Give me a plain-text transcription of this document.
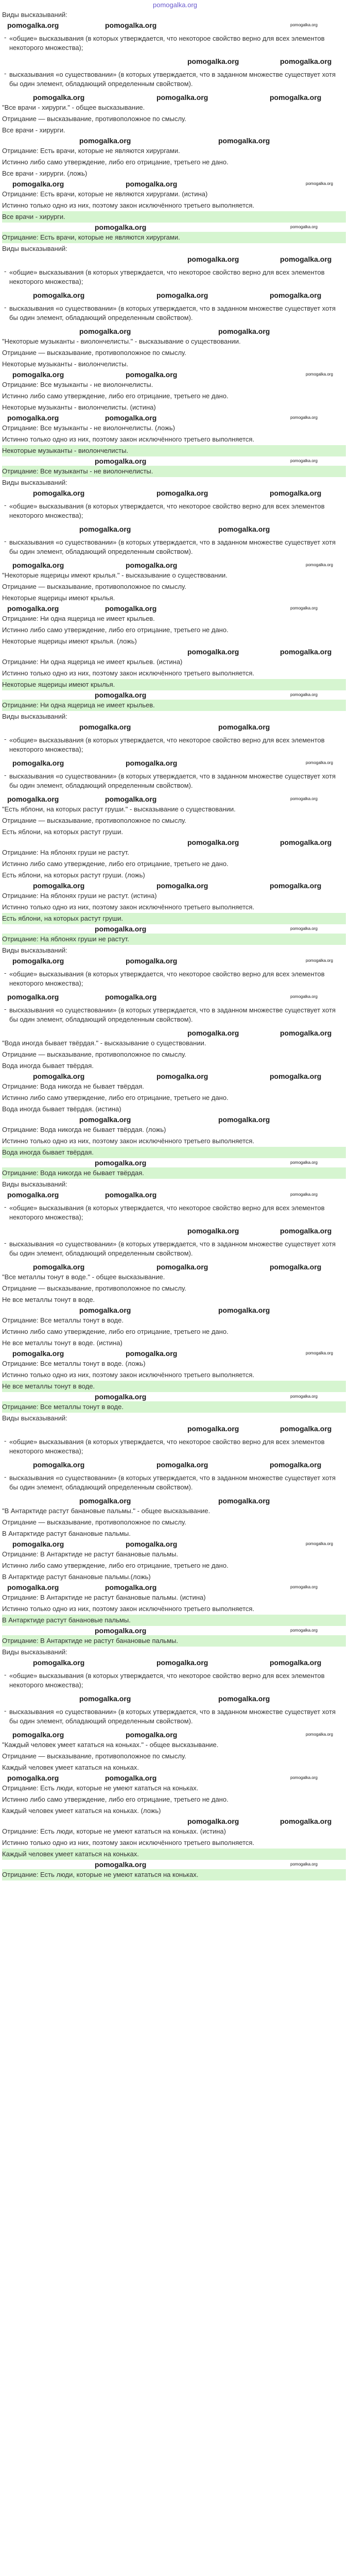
pomogalka.org
Виды высказываний:
pomogalka.org	pomogalka.org	pomogalka.org
- «общие» высказывания (в которых утверждается, что некоторое свойство верно для всех элементов некоторого множества);
pomogalka.org	pomogalka.org
- высказывания «о существовании» (в которых утверждается, что в заданном множестве существует хотя бы один элемент, обладающий определенным свойством).
pomogalka.org	pomogalka.org	pomogalka.org
"Все врачи - хирурги." - общее высказывание.
Отрицание — высказывание, противоположное по смыслу.
Все врачи - хирурги.
pomogalka.org	pomogalka.org
Отрицание: Есть врачи, которые не являются хирургами.
Истинно либо само утверждение, либо его отрицание, третьего не дано.
Все врачи - хирурги. (ложь)
pomogalka.org	pomogalka.org	pomogalka.org
Отрицание: Есть врачи, которые не являются хирургами. (истина)
Истинно только одно из них, поэтому закон исключённого третьего выполняется.
Все врачи - хирурги.
pomogalka.org	pomogalka.org
Отрицание: Есть врачи, которые не являются хирургами.
Виды высказываний:
pomogalka.org	pomogalka.org
- «общие» высказывания (в которых утверждается, что некоторое свойство верно для всех элементов некоторого множества);
pomogalka.org	pomogalka.org	pomogalka.org
- высказывания «о существовании» (в которых утверждается, что в заданном множестве существует хотя бы один элемент, обладающий определенным свойством).
pomogalka.org	pomogalka.org
"Некоторые музыканты - виолончелисты." - высказывание о существовании.
Отрицание — высказывание, противоположное по смыслу.
Некоторые музыканты - виолончелисты.
pomogalka.org	pomogalka.org	pomogalka.org
Отрицание: Все музыканты - не виолончелисты.
Истинно либо само утверждение, либо его отрицание, третьего не дано.
Некоторые музыканты - виолончелисты. (истина)
pomogalka.org	pomogalka.org	pomogalka.org
Отрицание: Все музыканты - не виолончелисты. (ложь)
Истинно только одно из них, поэтому закон исключённого третьего выполняется.
Некоторые музыканты - виолончелисты.
pomogalka.org	pomogalka.org
Отрицание: Все музыканты - не виолончелисты.
Виды высказываний:
pomogalka.org	pomogalka.org	pomogalka.org
- «общие» высказывания (в которых утверждается, что некоторое свойство верно для всех элементов некоторого множества);
pomogalka.org	pomogalka.org
- высказывания «о существовании» (в которых утверждается, что в заданном множестве существует хотя бы один элемент, обладающий определенным свойством).
pomogalka.org	pomogalka.org	pomogalka.org
"Некоторые ящерицы имеют крылья." - высказывание о существовании.
Отрицание — высказывание, противоположное по смыслу.
Некоторые ящерицы имеют крылья.
pomogalka.org	pomogalka.org	pomogalka.org
Отрицание: Ни одна ящерица не имеет крыльев.
Истинно либо само утверждение, либо его отрицание, третьего не дано.
Некоторые ящерицы имеют крылья. (ложь)
pomogalka.org	pomogalka.org
Отрицание: Ни одна ящерица не имеет крыльев. (истина)
Истинно только одно из них, поэтому закон исключённого третьего выполняется.
Некоторые ящерицы имеют крылья.
pomogalka.org	pomogalka.org
Отрицание: Ни одна ящерица не имеет крыльев.
Виды высказываний:
pomogalka.org	pomogalka.org
- «общие» высказывания (в которых утверждается, что некоторое свойство верно для всех элементов некоторого множества);
pomogalka.org	pomogalka.org	pomogalka.org
- высказывания «о существовании» (в которых утверждается, что в заданном множестве существует хотя бы один элемент, обладающий определенным свойством).
pomogalka.org	pomogalka.org	pomogalka.org
"Есть яблони, на которых растут груши." - высказывание о существовании.
Отрицание — высказывание, противоположное по смыслу.
Есть яблони, на которых растут груши.
pomogalka.org	pomogalka.org
Отрицание: На яблонях груши не растут.
Истинно либо само утверждение, либо его отрицание, третьего не дано.
Есть яблони, на которых растут груши. (ложь)
pomogalka.org	pomogalka.org	pomogalka.org
Отрицание: На яблонях груши не растут. (истина)
Истинно только одно из них, поэтому закон исключённого третьего выполняется.
Есть яблони, на которых растут груши.
pomogalka.org	pomogalka.org
Отрицание: На яблонях груши не растут.
Виды высказываний:
pomogalka.org	pomogalka.org	pomogalka.org
- «общие» высказывания (в которых утверждается, что некоторое свойство верно для всех элементов некоторого множества);
pomogalka.org	pomogalka.org	pomogalka.org
- высказывания «о существовании» (в которых утверждается, что в заданном множестве существует хотя бы один элемент, обладающий определенным свойством).
pomogalka.org	pomogalka.org
"Вода иногда бывает твёрдая." - высказывание о существовании.
Отрицание — высказывание, противоположное по смыслу.
Вода иногда бывает твёрдая.
pomogalka.org	pomogalka.org	pomogalka.org
Отрицание: Вода никогда не бывает твёрдая.
Истинно либо само утверждение, либо его отрицание, третьего не дано.
Вода иногда бывает твёрдая. (истина)
pomogalka.org	pomogalka.org
Отрицание: Вода никогда не бывает твёрдая. (ложь)
Истинно только одно из них, поэтому закон исключённого третьего выполняется.
Вода иногда бывает твёрдая.
pomogalka.org	pomogalka.org
Отрицание: Вода никогда не бывает твёрдая.
Виды высказываний:
pomogalka.org	pomogalka.org	pomogalka.org
- «общие» высказывания (в которых утверждается, что некоторое свойство верно для всех элементов некоторого множества);
pomogalka.org	pomogalka.org
- высказывания «о существовании» (в которых утверждается, что в заданном множестве существует хотя бы один элемент, обладающий определенным свойством).
pomogalka.org	pomogalka.org	pomogalka.org
"Все металлы тонут в воде." - общее высказывание.
Отрицание — высказывание, противоположное по смыслу.
Не все металлы тонут в воде.
pomogalka.org	pomogalka.org
Отрицание: Все металлы тонут в воде.
Истинно либо само утверждение, либо его отрицание, третьего не дано.
Не все металлы тонут в воде. (истина)
pomogalka.org	pomogalka.org	pomogalka.org
Отрицание: Все металлы тонут в воде. (ложь)
Истинно только одно из них, поэтому закон исключённого третьего выполняется.
Не все металлы тонут в воде.
pomogalka.org	pomogalka.org
Отрицание: Все металлы тонут в воде.
Виды высказываний:
pomogalka.org	pomogalka.org
- «общие» высказывания (в которых утверждается, что некоторое свойство верно для всех элементов некоторого множества);
pomogalka.org	pomogalka.org	pomogalka.org
- высказывания «о существовании» (в которых утверждается, что в заданном множестве существует хотя бы один элемент, обладающий определенным свойством).
pomogalka.org	pomogalka.org
"В Антарктиде растут банановые пальмы." - общее высказывание.
Отрицание — высказывание, противоположное по смыслу.
В Антарктиде растут банановые пальмы.
pomogalka.org	pomogalka.org	pomogalka.org
Отрицание: В Антарктиде не растут банановые пальмы.
Истинно либо само утверждение, либо его отрицание, третьего не дано.
В Антарктиде растут банановые пальмы.(ложь)
pomogalka.org	pomogalka.org	pomogalka.org
Отрицание: В Антарктиде не растут банановые пальмы. (истина)
Истинно только одно из них, поэтому закон исключённого третьего выполняется.
В Антарктиде растут банановые пальмы.
pomogalka.org	pomogalka.org
Отрицание: В Антарктиде не растут банановые пальмы.
Виды высказываний:
pomogalka.org	pomogalka.org	pomogalka.org
- «общие» высказывания (в которых утверждается, что некоторое свойство верно для всех элементов некоторого множества);
pomogalka.org	pomogalka.org
- высказывания «о существовании» (в которых утверждается, что в заданном множестве существует хотя бы один элемент, обладающий определенным свойством).
pomogalka.org	pomogalka.org	pomogalka.org
"Каждый человек умеет кататься на коньках." - общее высказывание.
Отрицание — высказывание, противоположное по смыслу.
Каждый человек умеет кататься на коньках.
pomogalka.org	pomogalka.org	pomogalka.org
Отрицание: Есть люди, которые не умеют кататься на коньках.
Истинно либо само утверждение, либо его отрицание, третьего не дано.
Каждый человек умеет кататься на коньках. (ложь)
pomogalka.org	pomogalka.org
Отрицание: Есть люди, которые не умеют кататься на коньках. (истина)
Истинно только одно из них, поэтому закон исключённого третьего выполняется.
Каждый человек умеет кататься на коньках.
pomogalka.org	pomogalka.org
Отрицание: Есть люди, которые не умеют кататься на коньках.
